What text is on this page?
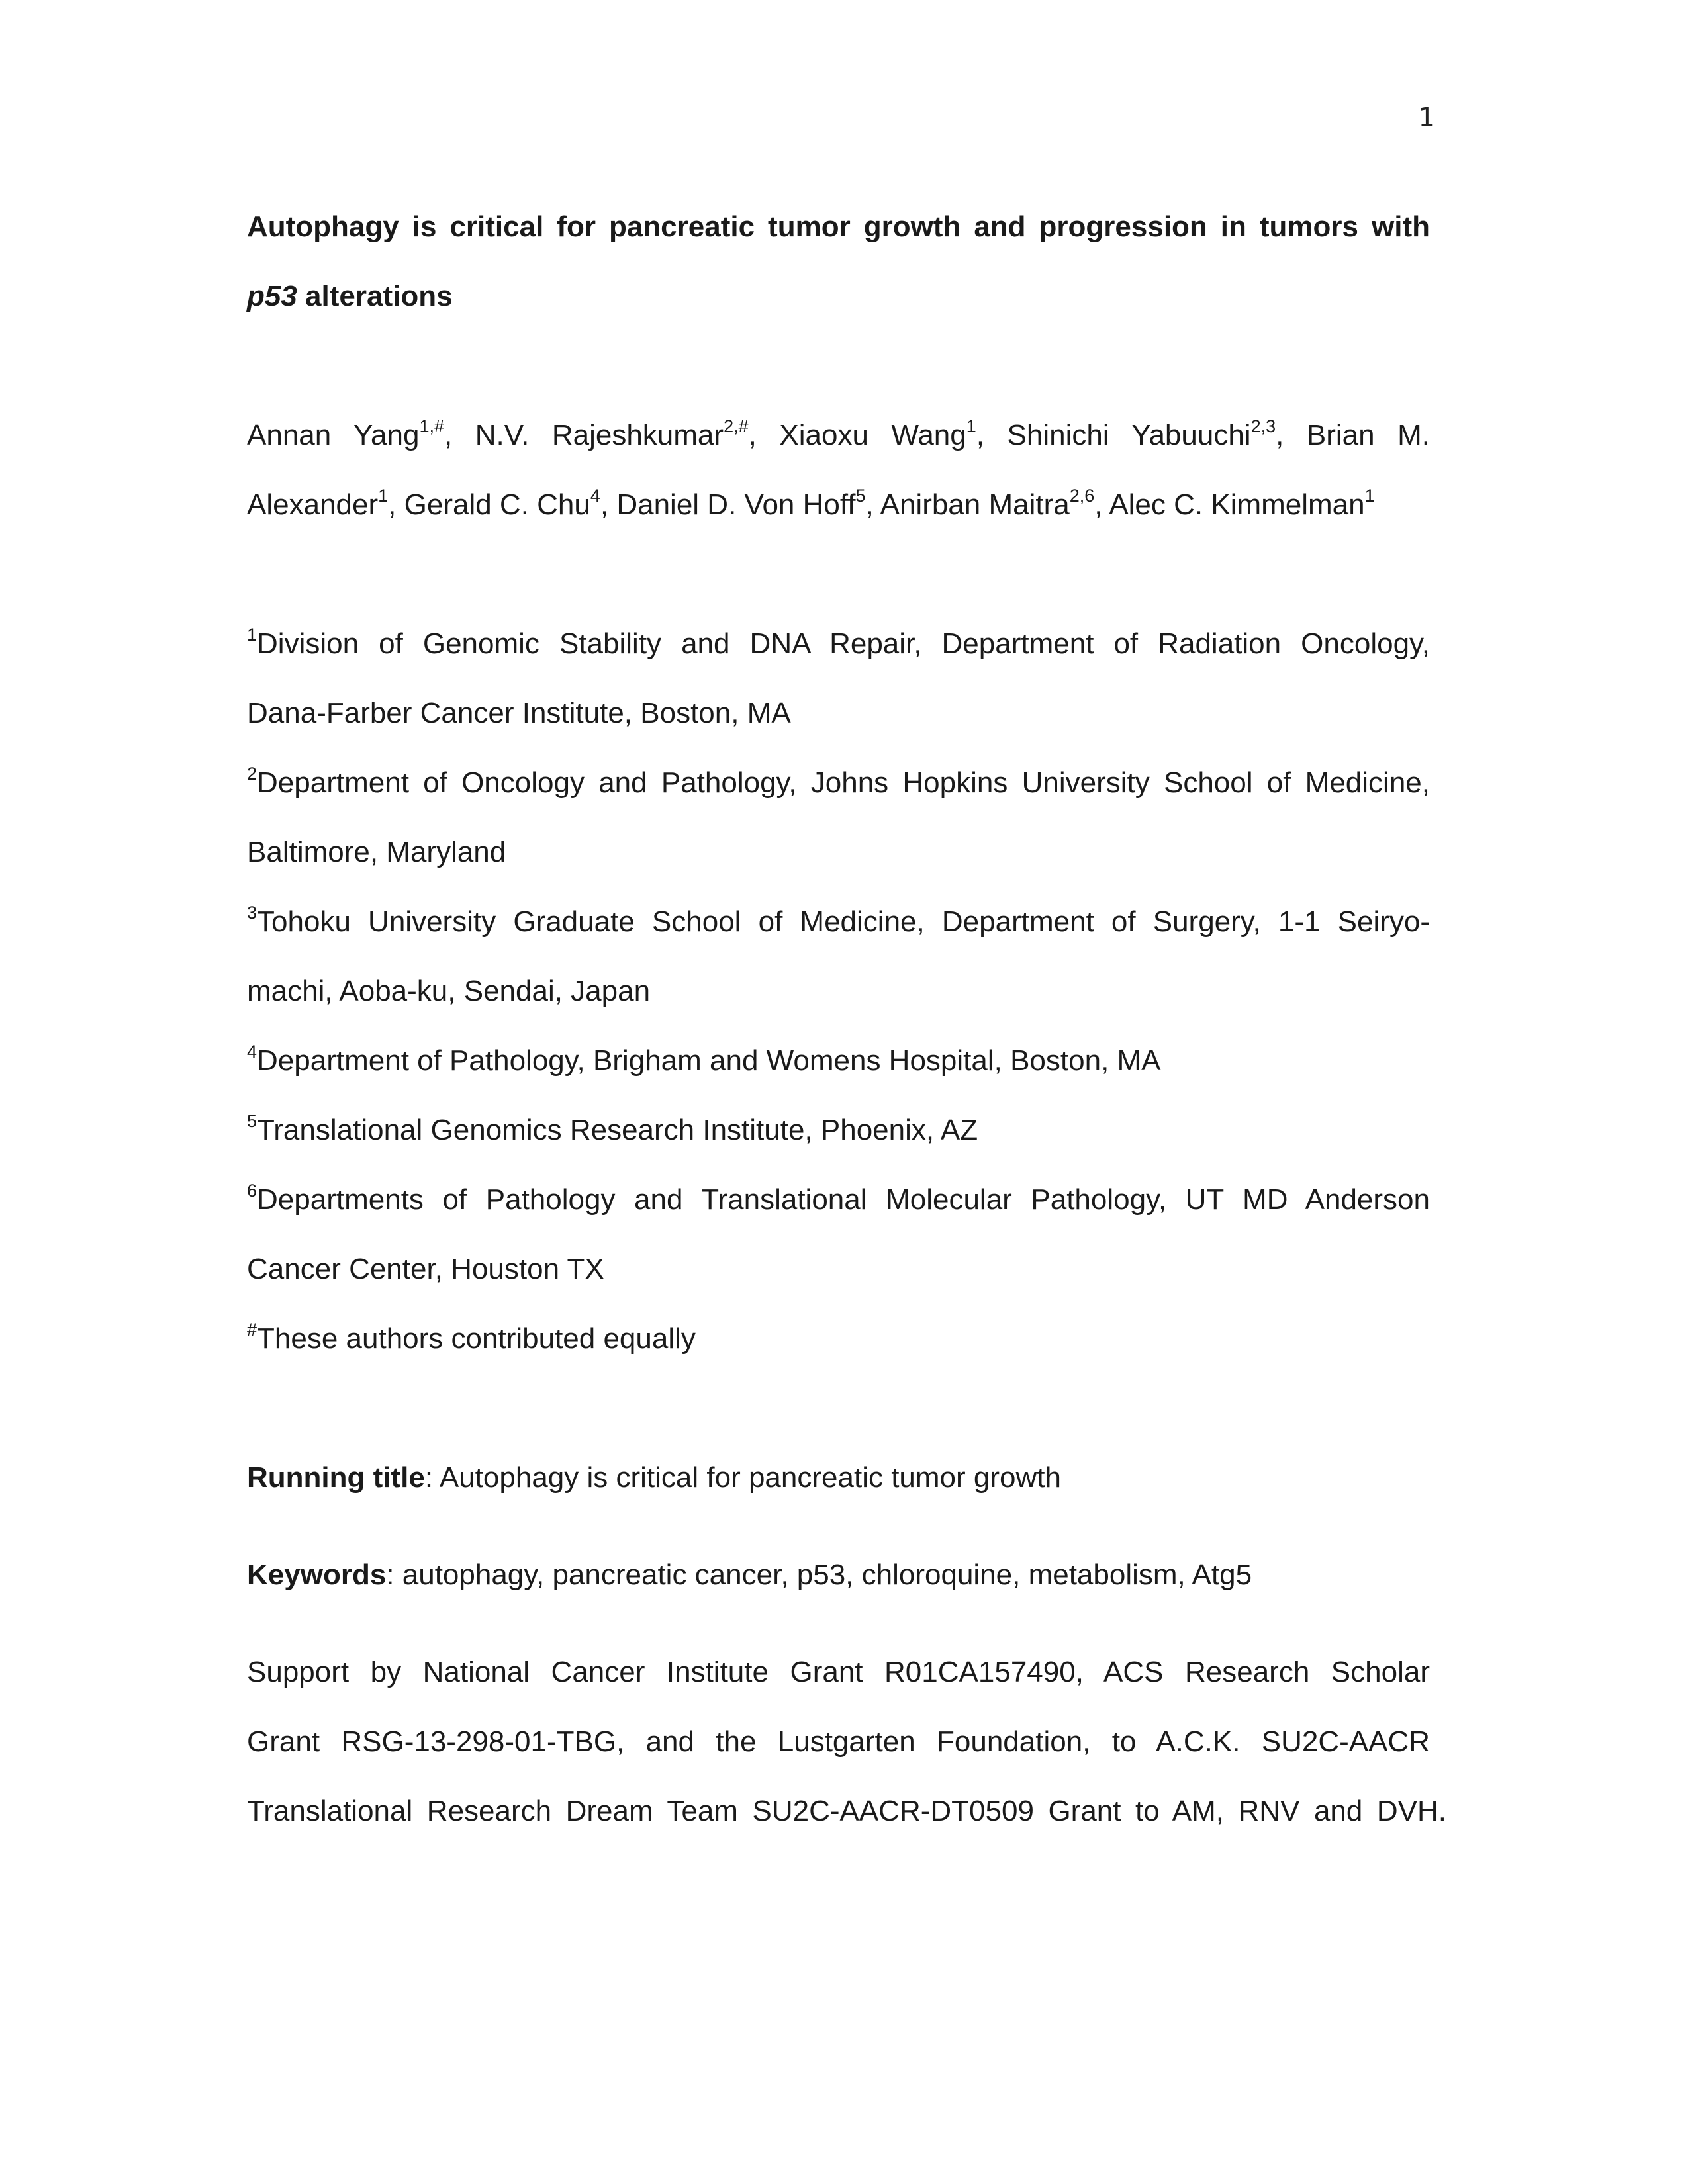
1
Autophagy is critical for pancreatic tumor growth and progression in tumors with
p53 alterations
Annan Yang$^{1,\#}$, N.V. Rajeshkumar$^{2,\#}$, Xiaoxu Wang$^1$, Shinichi Yabuuchi$^{2,3}$, Brian M.
Alexander$^1$, Gerald C. Chu$^4$, Daniel D. Von Hoff$^5$, Anirban Maitra$^{2,6}$, Alec C. Kimmelman$^1$
$^1$Division of Genomic Stability and DNA Repair, Department of Radiation Oncology,
Dana-Farber Cancer Institute, Boston, MA
$^2$Department of Oncology and Pathology, Johns Hopkins University School of Medicine,
Baltimore, Maryland
$^3$Tohoku University Graduate School of Medicine, Department of Surgery, 1-1 Seiryo-
machi, Aoba-ku, Sendai, Japan
$^4$Department of Pathology, Brigham and Womens Hospital, Boston, MA
$^5$Translational Genomics Research Institute, Phoenix, AZ
$^6$Departments of Pathology and Translational Molecular Pathology, UT MD Anderson
Cancer Center, Houston TX
#These authors contributed equally
Running title: Autophagy is critical for pancreatic tumor growth
Keywords: autophagy, pancreatic cancer, p53, chloroquine, metabolism, Atg5
Support by National Cancer Institute Grant R01CA157490, ACS Research Scholar
Grant RSG-13-298-01-TBG, and the Lustgarten Foundation, to A.C.K. SU2C-AACR
Translational Research Dream Team SU2C-AACR-DT0509 Grant to AM, RNV and DVH.
